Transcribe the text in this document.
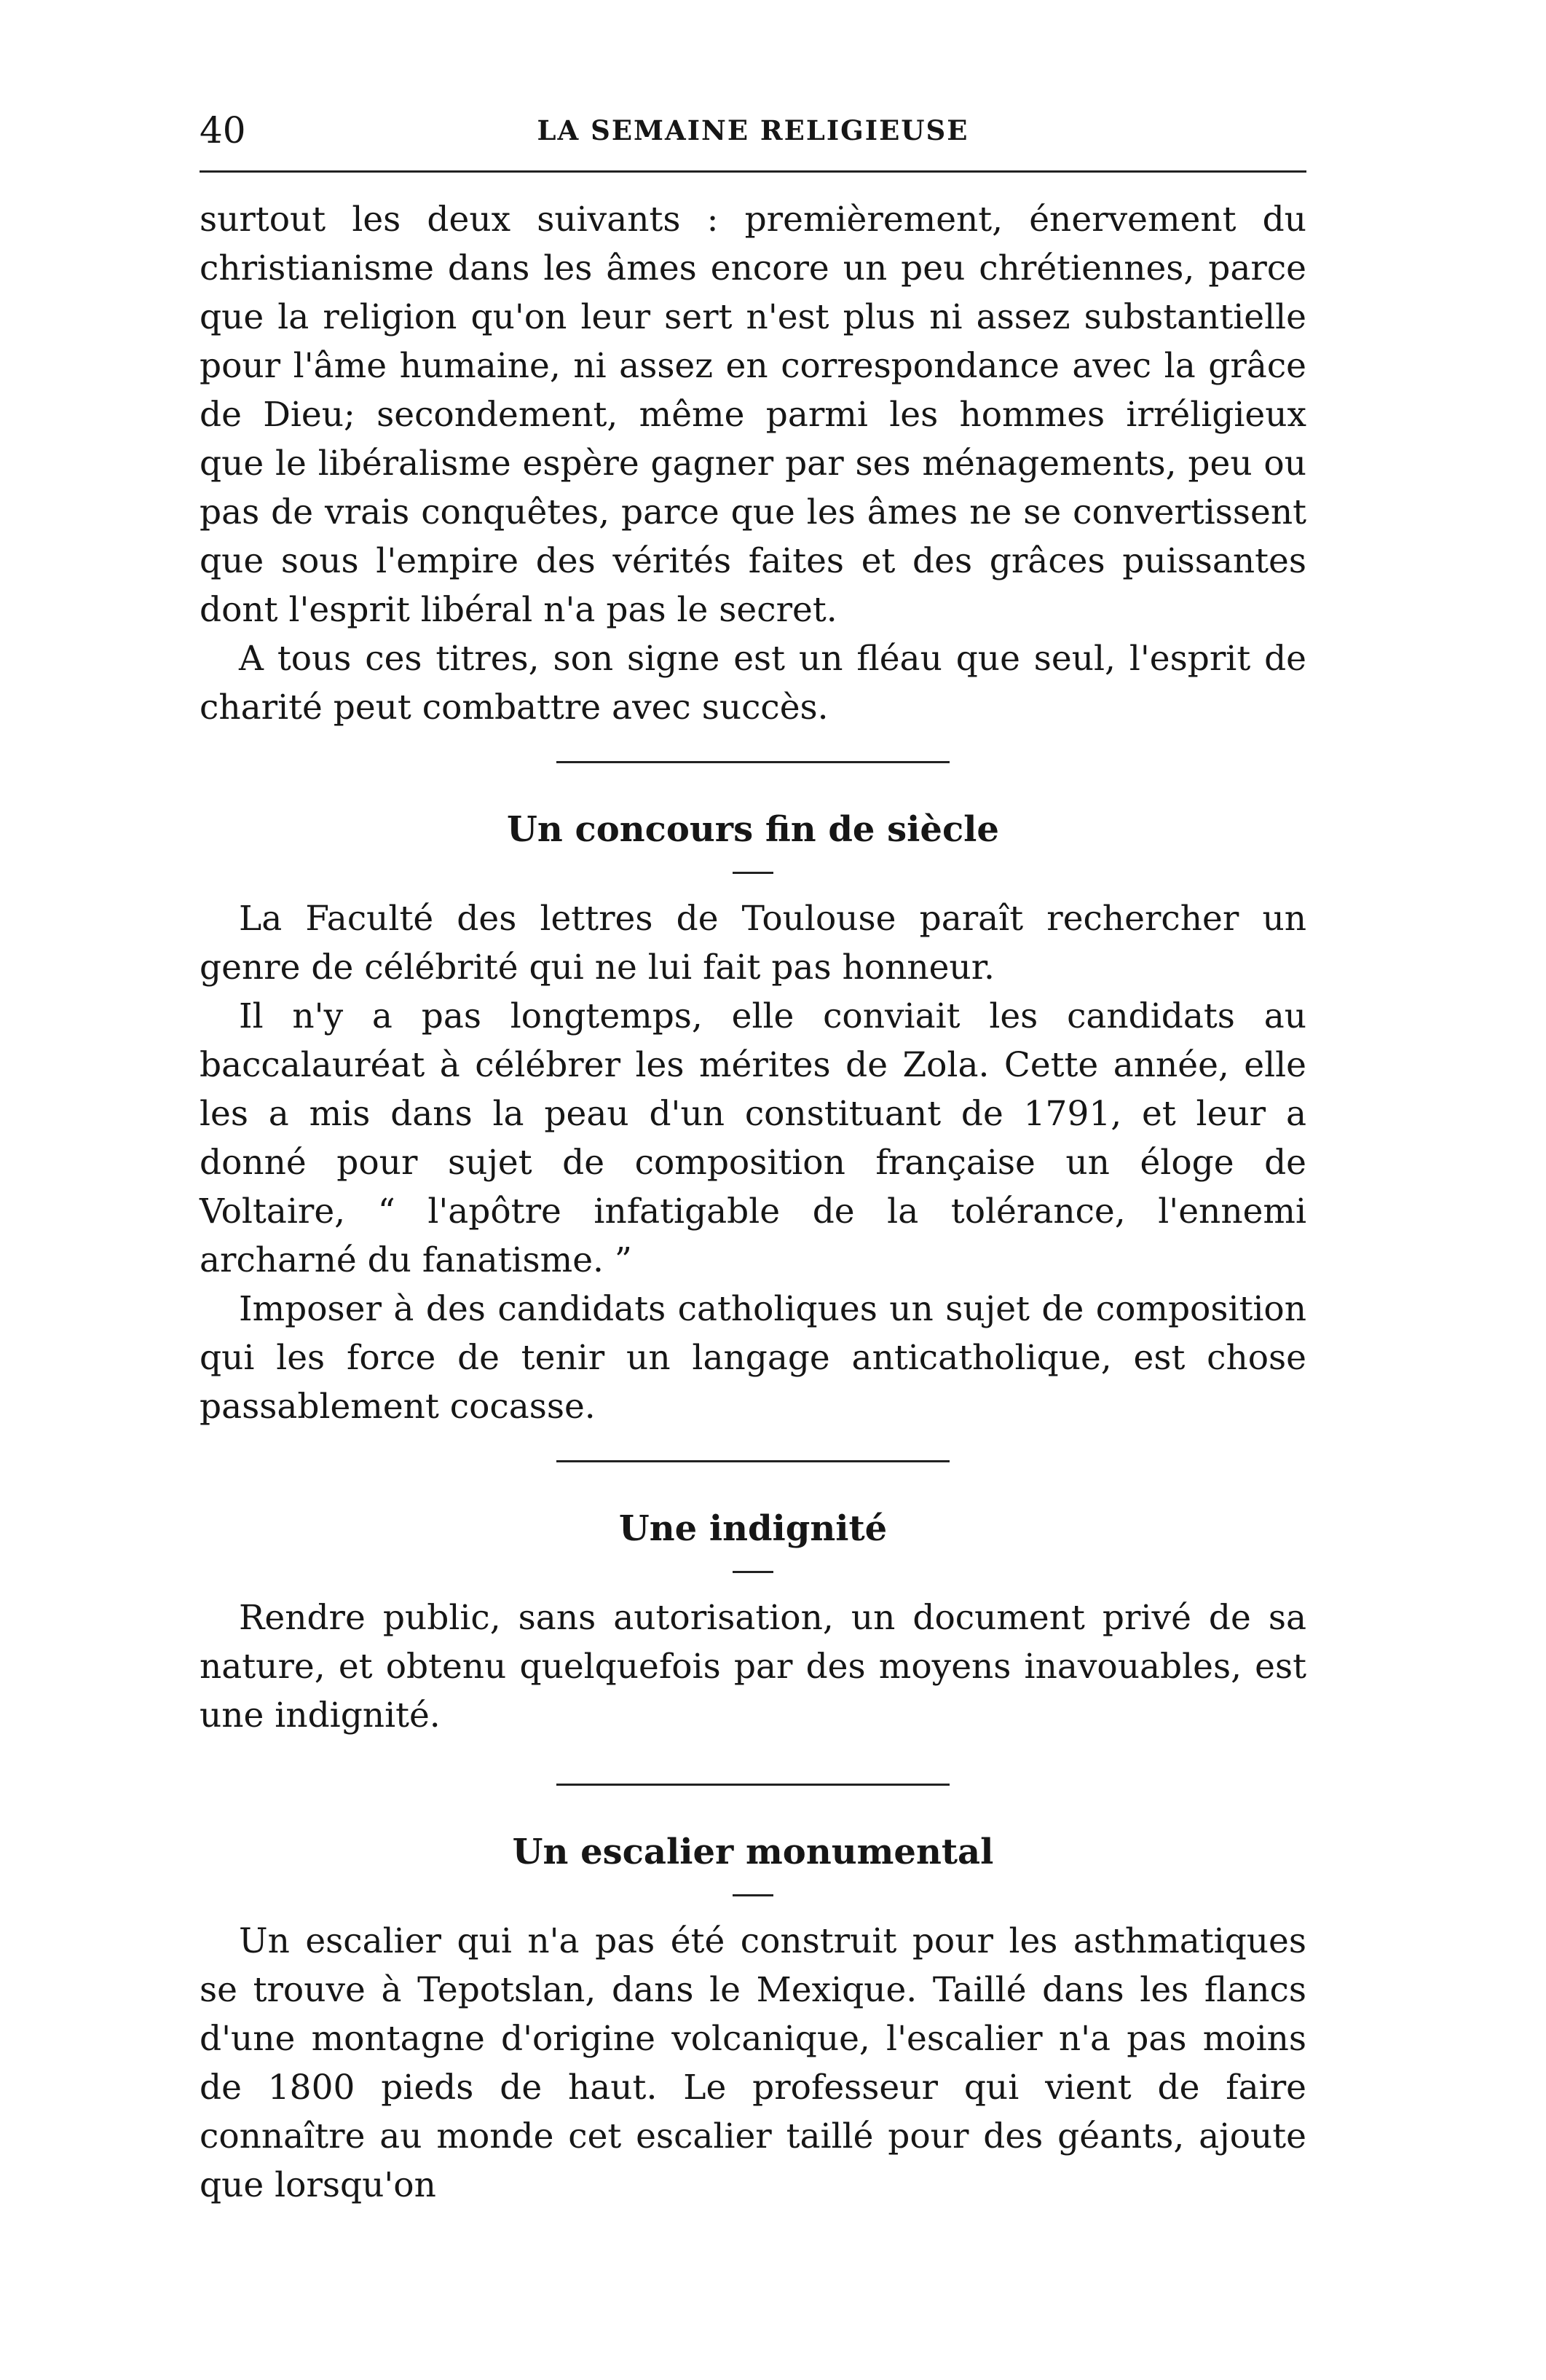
40	LA SEMAINE RELIGIEUSE

surtout les deux suivants : premièrement, énervement du christianisme dans les âmes encore un peu chrétiennes, parce que la religion qu'on leur sert n'est plus ni assez substantielle pour l'âme humaine, ni assez en correspondance avec la grâce de Dieu; secondement, même parmi les hommes irréligieux que le libéralisme espère gagner par ses ménagements, peu ou pas de vrais conquêtes, parce que les âmes ne se convertissent que sous l'empire des vérités faites et des grâces puissantes dont l'esprit libéral n'a pas le secret.

A tous ces titres, son signe est un fléau que seul, l'esprit de charité peut combattre avec succès.

Un concours fin de siècle

La Faculté des lettres de Toulouse paraît rechercher un genre de célébrité qui ne lui fait pas honneur.

Il n'y a pas longtemps, elle conviait les candidats au baccalauréat à célébrer les mérites de Zola. Cette année, elle les a mis dans la peau d'un constituant de 1791, et leur a donné pour sujet de composition française un éloge de Voltaire, “ l'apôtre infatigable de la tolérance, l'ennemi archarné du fanatisme. ”

Imposer à des candidats catholiques un sujet de composition qui les force de tenir un langage anticatholique, est chose passablement cocasse.

Une indignité

Rendre public, sans autorisation, un document privé de sa nature, et obtenu quelquefois par des moyens inavouables, est une indignité.

Un escalier monumental

Un escalier qui n'a pas été construit pour les asthmatiques se trouve à Tepotslan, dans le Mexique. Taillé dans les flancs d'une montagne d'origine volcanique, l'escalier n'a pas moins de 1800 pieds de haut. Le professeur qui vient de faire connaître au monde cet escalier taillé pour des géants, ajoute que lorsqu'on
